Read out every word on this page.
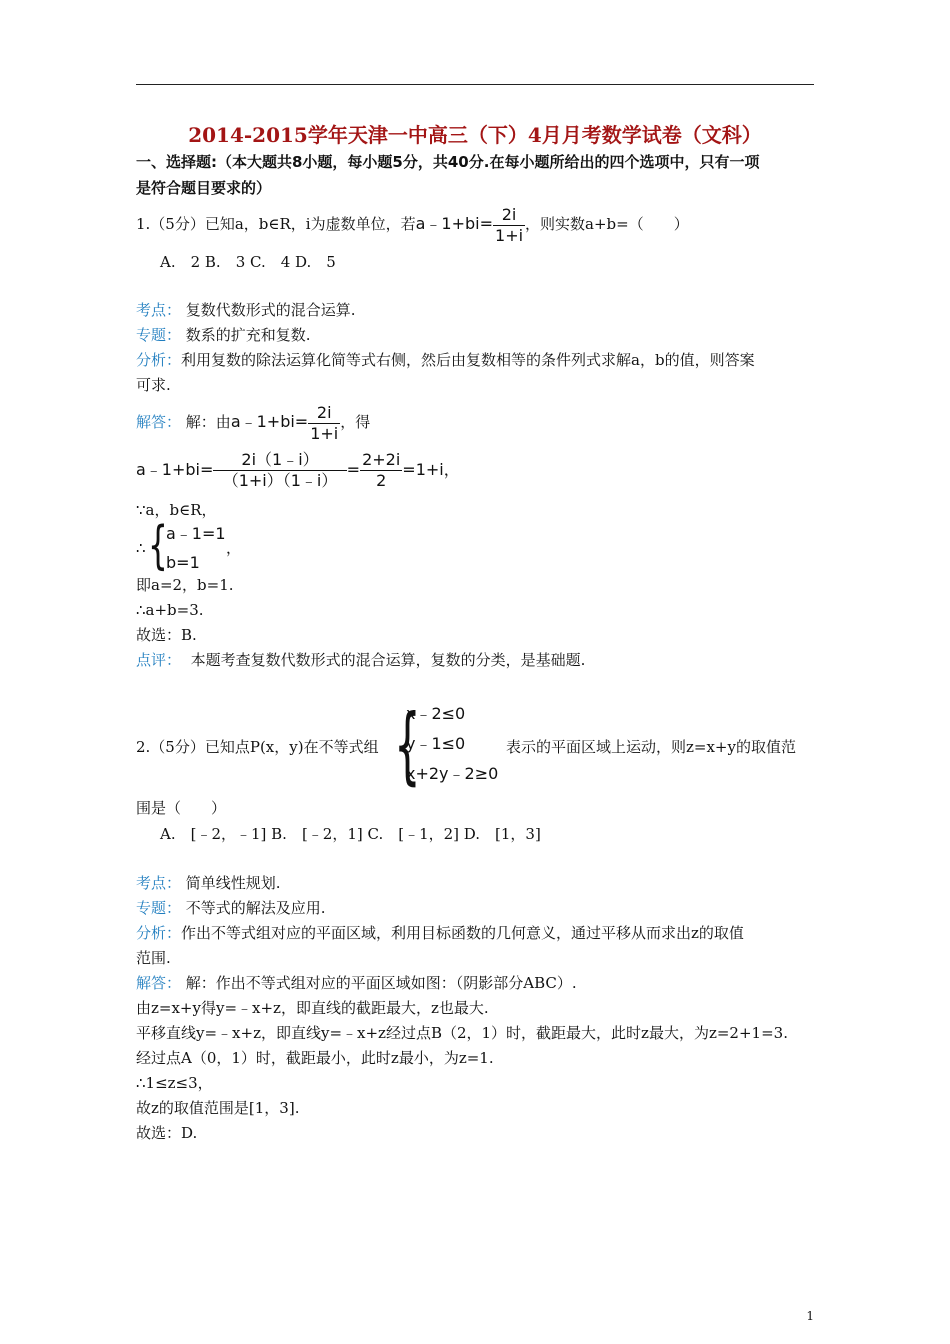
2014-2015学年天津一中高三（下）4月月考数学试卷（文科）
一、选择题:（本大题共8小题，每小题5分，共40分.在每小题所给出的四个选项中，只有一项
是符合题目要求的）
1.（5分）已知a，b∈R，i为虚数单位，若a﹣1+bi= $\frac{2i}{1+i}$ ，则实数a+b=（　　）
A.　2 B.　3 C.　4 D.　5
考点： 复数代数形式的混合运算.
专题： 数系的扩充和复数.
分析：利用复数的除法运算化简等式右侧，然后由复数相等的条件列式求解a，b的值，则答案
可求.
解答： 解：由a﹣1+bi= $\frac{2i}{1+i}$ ，得
a﹣1+bi= $\frac{2i(1﹣i)}{(1+i)(1﹣i)} = \frac{2+2i}{2} =1+i$，
∵a，b∈R，
∴ {
a﹣1=1
b=1
，
即a=2，b=1.
∴a+b=3.
故选：B.
点评： 本题考查复数代数形式的混合运算，复数的分类，是基础题.
2.（5分）已知点P(x，y)在不等式组 {
x﹣2≤0
y﹣1≤0
x+2y﹣2≥0
表示的平面区域上运动，则z=x+y的取值范
围是（　　）
A.　[﹣2，﹣1] B.　[﹣2，1] C.　[﹣1，2] D.　[1，3]
考点： 简单线性规划.
专题： 不等式的解法及应用.
分析：作出不等式组对应的平面区域，利用目标函数的几何意义，通过平移从而求出z的取值
范围.
解答： 解：作出不等式组对应的平面区域如图：（阴影部分ABC）.
由z=x+y得y=﹣x+z，即直线的截距最大，z也最大.
平移直线y=﹣x+z，即直线y=﹣x+z经过点B（2，1）时，截距最大，此时z最大，为z=2+1=3.
经过点A（0，1）时，截距最小，此时z最小，为z=1.
∴1≤z≤3，
故z的取值范围是[1，3].
故选：D.
1
